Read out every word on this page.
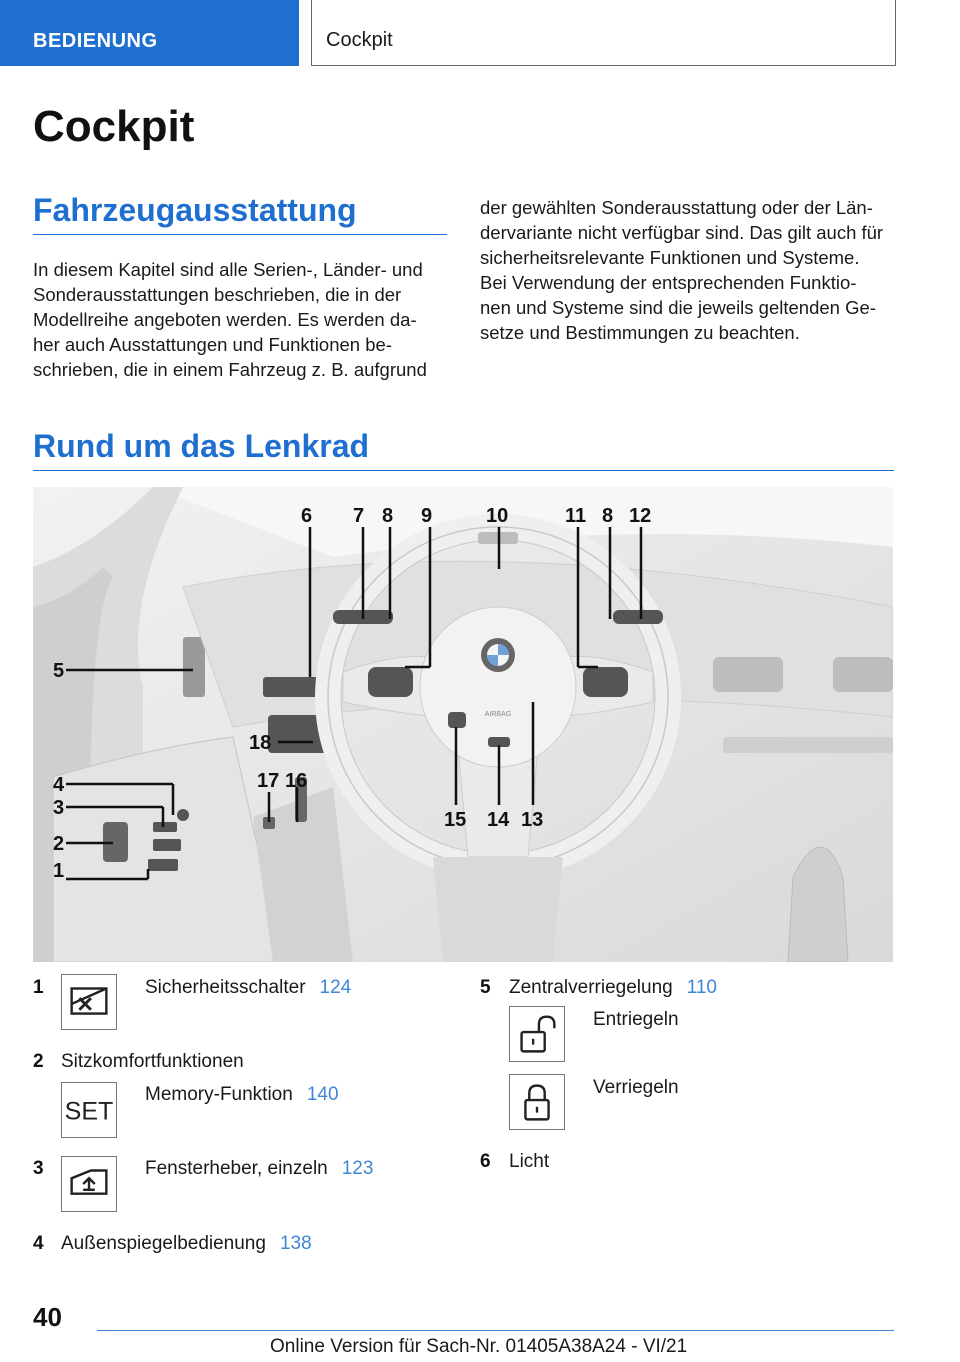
BEDIENUNG	Cockpit
Cockpit
Fahrzeugausstattung
In diesem Kapitel sind alle Serien-, Länder- und
Sonderausstattungen beschrieben, die in der
Modellreihe angeboten werden. Es werden da-
her auch Ausstattungen und Funktionen be-
schrieben, die in einem Fahrzeug z. B. aufgrund
der gewählten Sonderausstattung oder der Län-
dervariante nicht verfügbar sind. Das gilt auch für
sicherheitsrelevante Funktionen und Systeme.
Bei Verwendung der entsprechenden Funktio-
nen und Systeme sind die jeweils geltenden Ge-
setze und Bestimmungen zu beachten.
Rund um das Lenkrad
AIRBAG
1
2
3
4
5
6 7 8 9	10	11 8 12
13
14
15
16
17
18
1	Sicherheitsschalter 124
2 Sitzkomfortfunktionen
SET
Memory-Funktion 140
3	Fensterheber, einzeln 123
4 Außenspiegelbedienung 138
5 Zentralverriegelung 110
Entriegeln
Verriegeln
6 Licht
40
Online Version für Sach-Nr. 01405A38A24 - VI/21
